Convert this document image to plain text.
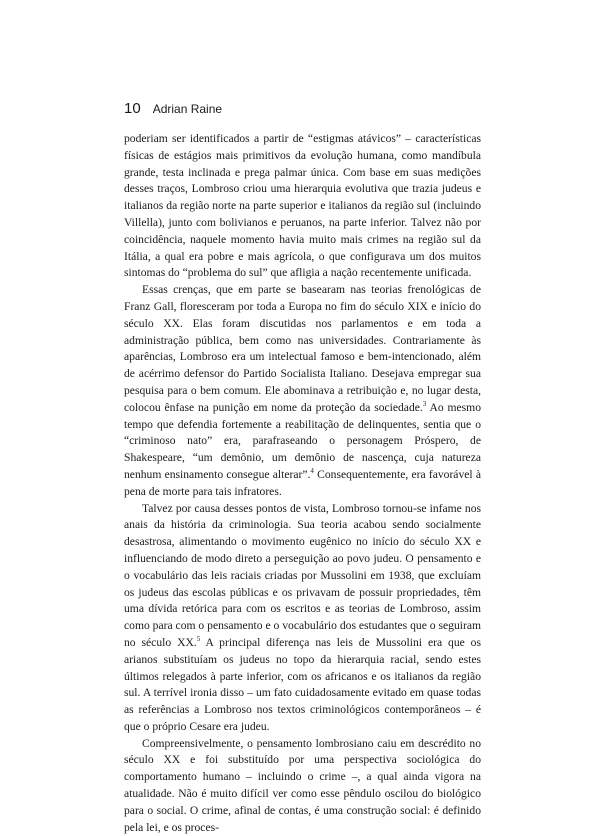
10 Adrian Raine

poderiam ser identificados a partir de “estigmas atávicos” – características físicas de estágios mais primitivos da evolução humana, como mandíbula grande, testa inclinada e prega palmar única. Com base em suas medições desses traços, Lombroso criou uma hierarquia evolutiva que trazia judeus e italianos da região norte na parte superior e italianos da região sul (incluindo Villella), junto com bolivianos e peruanos, na parte inferior. Talvez não por coincidência, naquele momento havia muito mais crimes na região sul da Itália, a qual era pobre e mais agrícola, o que configurava um dos muitos sintomas do “problema do sul” que afligia a nação recentemente unificada.

Essas crenças, que em parte se basearam nas teorias frenológicas de Franz Gall, floresceram por toda a Europa no fim do século XIX e início do século XX. Elas foram discutidas nos parlamentos e em toda a administração pública, bem como nas universidades. Contrariamente às aparências, Lombroso era um intelectual famoso e bem-intencionado, além de acérrimo defensor do Partido Socialista Italiano. Desejava empregar sua pesquisa para o bem comum. Ele abominava a retribuição e, no lugar desta, colocou ênfase na punição em nome da proteção da sociedade.$^3$ Ao mesmo tempo que defendia fortemente a reabilitação de delinquentes, sentia que o “criminoso nato” era, parafraseando o personagem Próspero, de Shakespeare, “um demônio, um demônio de nascença, cuja natureza nenhum ensinamento consegue alterar”.$^4$ Consequentemente, era favorável à pena de morte para tais infratores.

Talvez por causa desses pontos de vista, Lombroso tornou-se infame nos anais da história da criminologia. Sua teoria acabou sendo socialmente desastrosa, alimentando o movimento eugênico no início do século XX e influenciando de modo direto a perseguição ao povo judeu. O pensamento e o vocabulário das leis raciais criadas por Mussolini em 1938, que excluíam os judeus das escolas públicas e os privavam de possuir propriedades, têm uma dívida retórica para com os escritos e as teorias de Lombroso, assim como para com o pensamento e o vocabulário dos estudantes que o seguiram no século XX.$^5$ A principal diferença nas leis de Mussolini era que os arianos substituíam os judeus no topo da hierarquia racial, sendo estes últimos relegados à parte inferior, com os africanos e os italianos da região sul. A terrível ironia disso – um fato cuidadosamente evitado em quase todas as referências a Lombroso nos textos criminológicos contemporâneos – é que o próprio Cesare era judeu.

Compreensivelmente, o pensamento lombrosiano caiu em descrédito no século XX e foi substituído por uma perspectiva sociológica do comportamento humano – incluindo o crime –, a qual ainda vigora na atualidade. Não é muito difícil ver como esse pêndulo oscilou do biológico para o social. O crime, afinal de contas, é uma construção social: é definido pela lei, e os proces-
